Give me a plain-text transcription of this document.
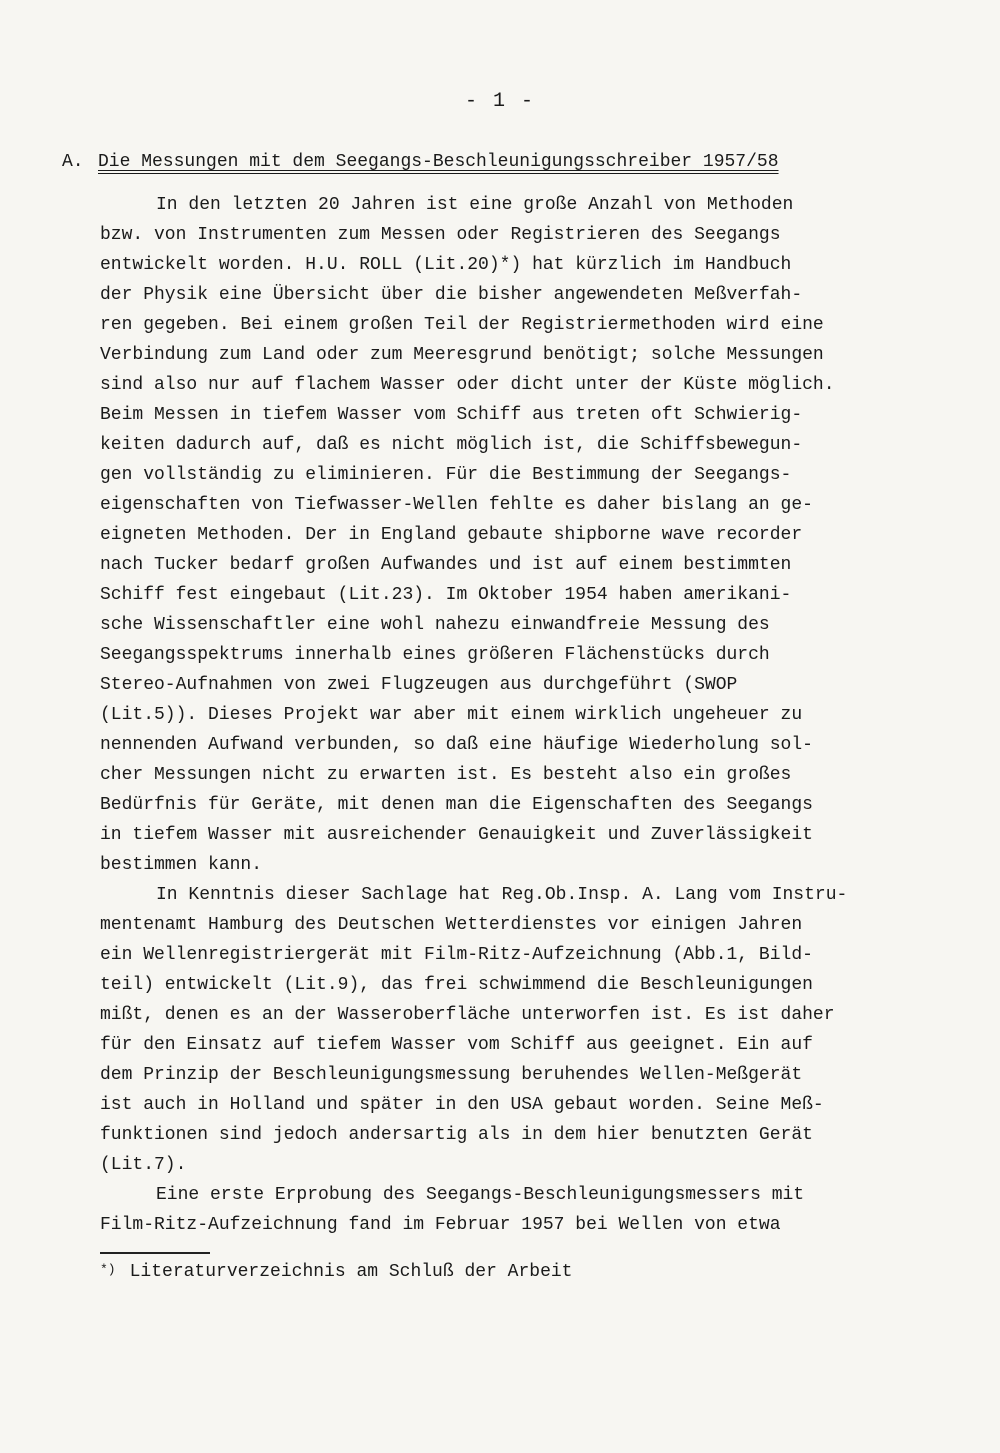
- 1 -
A. Die Messungen mit dem Seegangs-Beschleunigungsschreiber 1957/58
In den letzten 20 Jahren ist eine große Anzahl von Methoden
bzw. von Instrumenten zum Messen oder Registrieren des Seegangs
entwickelt worden. H.U. ROLL (Lit.20)*) hat kürzlich im Handbuch
der Physik eine Übersicht über die bisher angewendeten Meßverfah-
ren gegeben. Bei einem großen Teil der Registriermethoden wird eine
Verbindung zum Land oder zum Meeresgrund benötigt; solche Messungen
sind also nur auf flachem Wasser oder dicht unter der Küste möglich.
Beim Messen in tiefem Wasser vom Schiff aus treten oft Schwierig-
keiten dadurch auf, daß es nicht möglich ist, die Schiffsbewegun-
gen vollständig zu eliminieren. Für die Bestimmung der Seegangs-
eigenschaften von Tiefwasser-Wellen fehlte es daher bislang an ge-
eigneten Methoden. Der in England gebaute shipborne wave recorder
nach Tucker bedarf großen Aufwandes und ist auf einem bestimmten
Schiff fest eingebaut (Lit.23). Im Oktober 1954 haben amerikani-
sche Wissenschaftler eine wohl nahezu einwandfreie Messung des
Seegangsspektrums innerhalb eines größeren Flächenstücks durch
Stereo-Aufnahmen von zwei Flugzeugen aus durchgeführt (SWOP
(Lit.5)). Dieses Projekt war aber mit einem wirklich ungeheuer zu
nennenden Aufwand verbunden, so daß eine häufige Wiederholung sol-
cher Messungen nicht zu erwarten ist. Es besteht also ein großes
Bedürfnis für Geräte, mit denen man die Eigenschaften des Seegangs
in tiefem Wasser mit ausreichender Genauigkeit und Zuverlässigkeit
bestimmen kann.
In Kenntnis dieser Sachlage hat Reg.Ob.Insp. A. Lang vom Instru-
mentenamt Hamburg des Deutschen Wetterdienstes vor einigen Jahren
ein Wellenregistriergerät mit Film-Ritz-Aufzeichnung (Abb.1, Bild-
teil) entwickelt (Lit.9), das frei schwimmend die Beschleunigungen
mißt, denen es an der Wasseroberfläche unterworfen ist. Es ist daher
für den Einsatz auf tiefem Wasser vom Schiff aus geeignet. Ein auf
dem Prinzip der Beschleunigungsmessung beruhendes Wellen-Meßgerät
ist auch in Holland und später in den USA gebaut worden. Seine Meß-
funktionen sind jedoch andersartig als in dem hier benutzten Gerät
(Lit.7).
Eine erste Erprobung des Seegangs-Beschleunigungsmessers mit
Film-Ritz-Aufzeichnung fand im Februar 1957 bei Wellen von etwa
*) Literaturverzeichnis am Schluß der Arbeit
